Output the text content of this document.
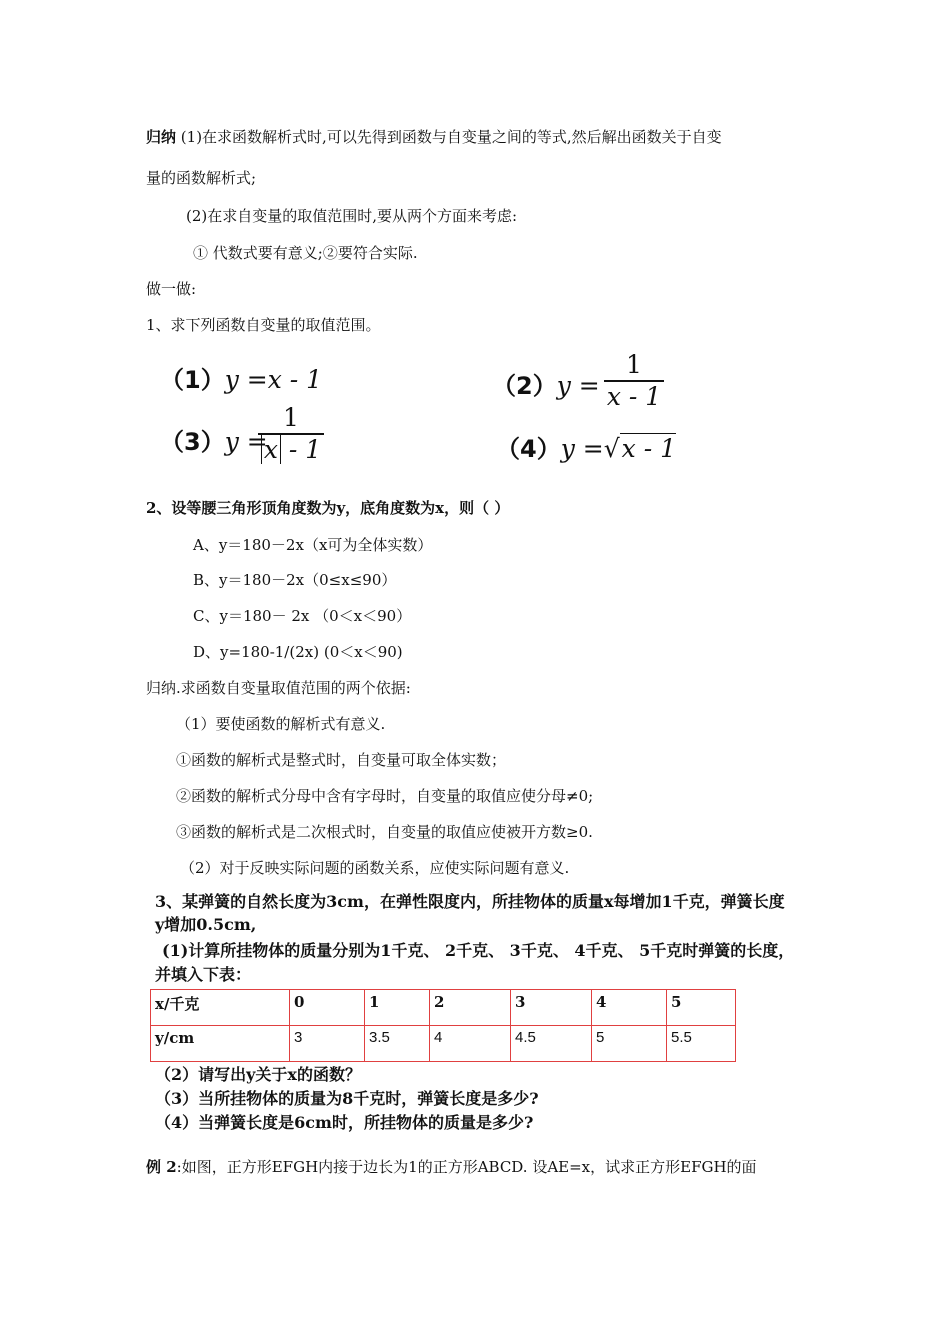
归纳 (1)在求函数解析式时,可以先得到函数与自变量之间的等式,然后解出函数关于自变
量的函数解析式;
(2)在求自变量的取值范围时,要从两个方面来考虑:
① 代数式要有意义;②要符合实际.
做一做:
1、求下列函数自变量的取值范围。
（1）y =x - 1	$(2)y = \frac{1}{x - 1}$
（3）y =
$\frac{1}{x - 1}$	（4）y =√x - 1
2、设等腰三角形顶角度数为y，底角度数为x，则（ ）
A、y＝180－2x（x可为全体实数）
B、y＝180－2x（0≤x≤90）
C、y＝180－ 2x （0＜x＜90）
D、y=180-1/(2x) (0＜x＜90)
归纳.求函数自变量取值范围的两个依据:
（1）要使函数的解析式有意义.
①函数的解析式是整式时，自变量可取全体实数；
②函数的解析式分母中含有字母时，自变量的取值应使分母≠0;
③函数的解析式是二次根式时，自变量的取值应使被开方数≥0.
（2）对于反映实际问题的函数关系，应使实际问题有意义.
3、某弹簧的自然长度为3cm，在弹性限度内，所挂物体的质量x每增加1千克，弹簧长度
y增加0.5cm,
(1)计算所挂物体的质量分别为1千克、 2千克、 3千克、 4千克、 5千克时弹簧的长度，
并填入下表：
x/千克	0	1	2	3	4	5
y/cm	3	3.5	4	4.5	5	5.5
（2）请写出y关于x的函数？
（3）当所挂物体的质量为8千克时，弹簧长度是多少?
（4）当弹簧长度是6cm时，所挂物体的质量是多少?
例 2:如图，正方形EFGH内接于边长为1的正方形ABCD. 设AE=x，试求正方形EFGH的面
